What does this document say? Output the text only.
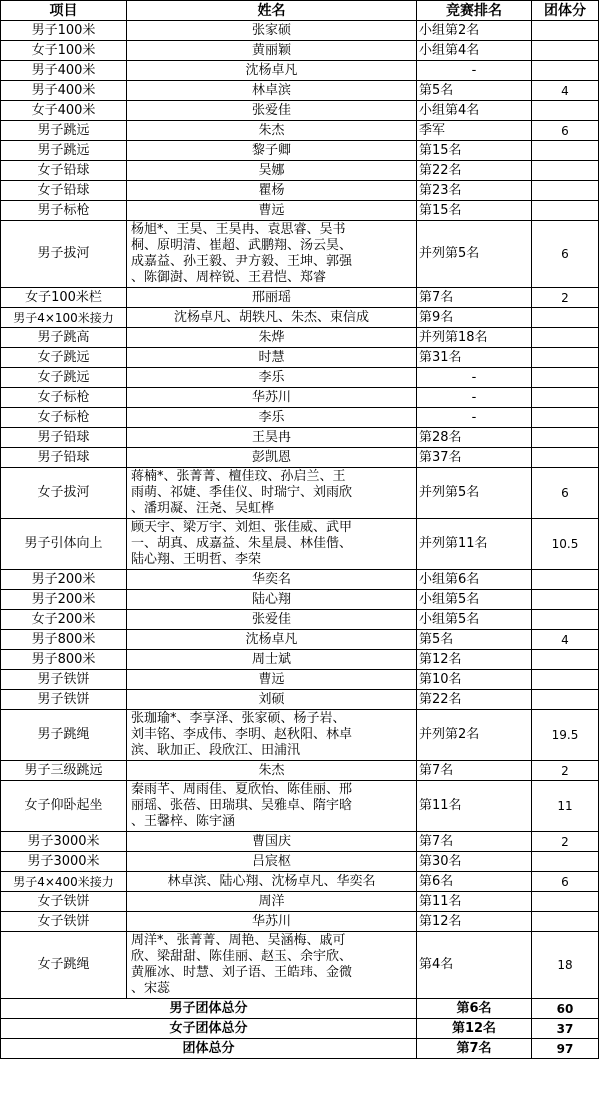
项目	姓名	竞赛排名	团体分
男子100米	张家硕	小组第2名	
女子100米	黄丽颖	小组第4名	
男子400米	沈杨卓凡	-	
男子400米	林卓滨	第5名	4
女子400米	张爱佳	小组第4名	
男子跳远	朱杰	季军	6
男子跳远	黎子卿	第15名	
女子铅球	吴娜	第22名	
女子铅球	瞿杨	第23名	
男子标枪	曹远	第15名	
男子拔河	杨旭*、王昊、王昊冉、袁思睿、吴书
桐、原明清、崔超、武鹏翔、汤云昊、
成嘉益、孙王毅、尹方毅、王坤、郭强
、陈御澍、周梓锐、王君恺、郑睿	并列第5名	6
女子100米栏	邢丽瑶	第7名	2
男子4×100米接力	沈杨卓凡、胡轶凡、朱杰、束信成	第9名	
男子跳高	朱烨	并列第18名	
女子跳远	时慧	第31名	
女子跳远	李乐	-	
女子标枪	华苏川	-	
女子标枪	李乐	-	
男子铅球	王昊冉	第28名	
男子铅球	彭凯恩	第37名	
女子拔河	蒋楠*、张菁菁、檀佳玟、孙启兰、王
雨萌、祁婕、季佳仪、时瑞宁、刘雨欣
、潘玥凝、汪尧、吴虹桦	并列第5名	6
男子引体向上	顾天宇、梁万宇、刘炟、张佳威、武甲
一、胡真、成嘉益、朱星晨、林佳偕、
陆心翔、王明哲、李荣	并列第11名	10.5
男子200米	华奕名	小组第6名	
男子200米	陆心翔	小组第5名	
女子200米	张爱佳	小组第5名	
男子800米	沈杨卓凡	第5名	4
男子800米	周士斌	第12名	
男子铁饼	曹远	第10名	
男子铁饼	刘硕	第22名	
男子跳绳	张珈瑜*、李享泽、张家硕、杨子岩、
刘丰铭、李成伟、李明、赵秋阳、林卓
滨、耿加正、段欣江、田浦汛	并列第2名	19.5
男子三级跳远	朱杰	第7名	2
女子仰卧起坐	秦雨芊、周雨佳、夏欣怡、陈佳丽、邢
丽瑶、张蓓、田瑞琪、吴雅卓、隋宇晗
、王馨梓、陈宇涵	第11名	11
男子3000米	曹国庆	第7名	2
男子3000米	吕宸枢	第30名	
男子4×400米接力	林卓滨、陆心翔、沈杨卓凡、华奕名	第6名	6
女子铁饼	周洋	第11名	
女子铁饼	华苏川	第12名	
女子跳绳	周洋*、张菁菁、周艳、吴涵梅、戚可
欣、梁甜甜、陈佳丽、赵玉、余宇欣、
黄雁冰、时慧、刘子语、王皓玮、金微
、宋蕊	第4名	18
男子团体总分		第6名	60
女子团体总分		第12名	37
团体总分		第7名	97
